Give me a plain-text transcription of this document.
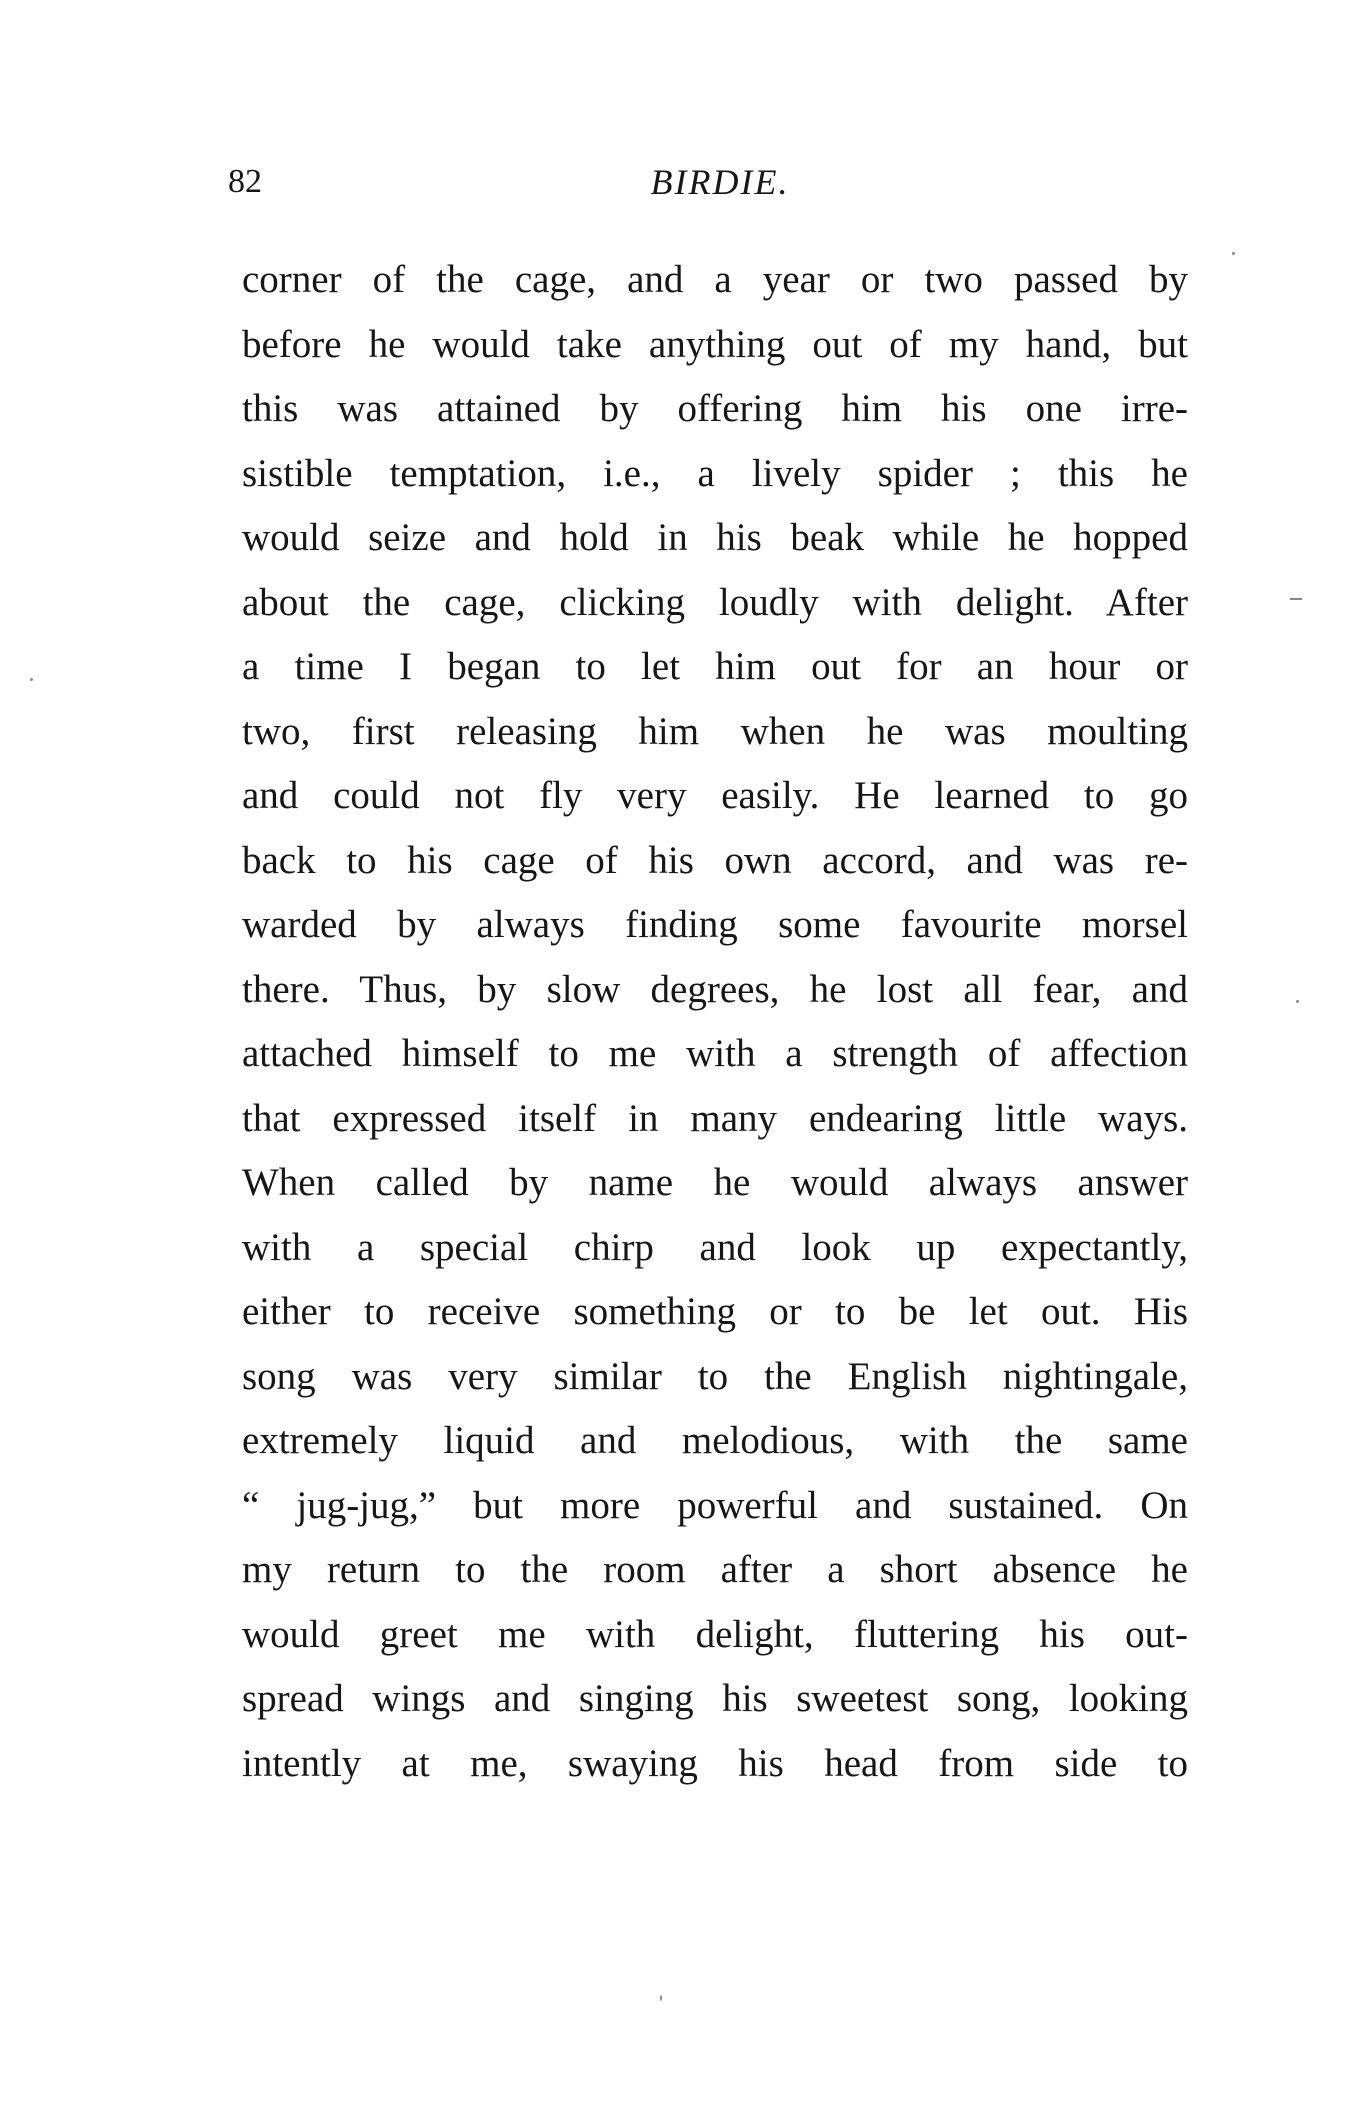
82	BIRDIE.
corner of the cage, and a year or two passed by
before he would take anything out of my hand, but
this was attained by offering him his one irre-
sistible temptation, i.e., a lively spider ; this he
would seize and hold in his beak while he hopped
about the cage, clicking loudly with delight. After
a time I began to let him out for an hour or
two, first releasing him when he was moulting
and could not fly very easily. He learned to go
back to his cage of his own accord, and was re-
warded by always finding some favourite morsel
there. Thus, by slow degrees, he lost all fear, and
attached himself to me with a strength of affection
that expressed itself in many endearing little ways.
When called by name he would always answer
with a special chirp and look up expectantly,
either to receive something or to be let out. His
song was very similar to the English nightingale,
extremely liquid and melodious, with the same
“ jug-jug,” but more powerful and sustained. On
my return to the room after a short absence he
would greet me with delight, fluttering his out-
spread wings and singing his sweetest song, looking
intently at me, swaying his head from side to
